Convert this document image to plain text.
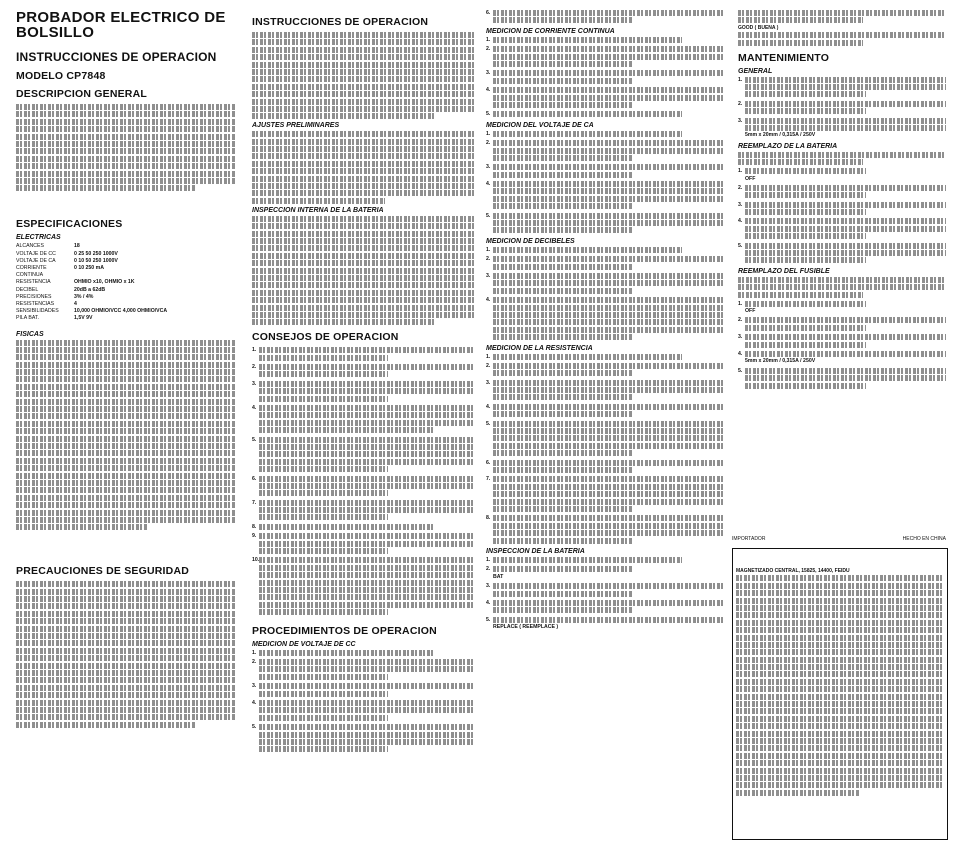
PROBADOR ELECTRICO DE BOLSILLO
INSTRUCCIONES DE OPERACION
MODELO CP7848
DESCRIPCION GENERAL
ESPECIFICACIONES
ELECTRICAS
ALCANCES	18
VOLTAJE DE CC	0 25 50 250 1000V
VOLTAJE DE CA	0 10 50 250 1000V
CORRIENTE CONTINUA
0 10 250 mA
RESISTENCIA	OHMIO x10, OHMIO x 1K
DECIBEL	20dB a 62dB
PRECISIONES	3% / 4%
RESISTENCIAS	4
SENSIBILIDADES	10,000 OHMIO/VCC 4,000 OHMIO/VCA
PILA BAT.	1,5V 9V
FISICAS
PRECAUCIONES DE SEGURIDAD
INSTRUCCIONES DE OPERACION
AJUSTES PRELIMINARES
INSPECCION INTERNA DE LA BATERIA
CONSEJOS DE OPERACION
1.
2.
3.
4.
5.
6.
7.
8.
9.
10.
PROCEDIMIENTOS DE OPERACION
MEDICION DE VOLTAJE DE CC
1.
2.
3.
4.
5.
6.
MEDICION DE CORRIENTE CONTINUA
1.
2.
3.
4.
5.
MEDICION DEL VOLTAJE DE CA
1.
2.
3.
4.
5.
MEDICION DE DECIBELES
1.
2.
3.
4.
MEDICION DE LA RESISTENCIA
1.
2.
3.
4.
5.
6.
7.
8.
INSPECCION DE LA BATERIA
1.
2.
BAT
3.
4.
5.
REPLACE ( REEMPLACE )
GOOD ( BUENA )
MANTENIMIENTO
GENERAL
1.
2.
3.
5mm x 20mm / 0,315A / 250V
REEMPLAZO DE LA BATERIA
1.
OFF
2.
3.
4.
5.
REEMPLAZO DEL FUSIBLE
1.
OFF
2.
3.
4.
5mm x 20mm / 0,315A / 250V
5.
IMPORTADOR	HECHO EN CHINA
MAGNETIZADO CENTRAL, 15825, 14400, FEIDU
